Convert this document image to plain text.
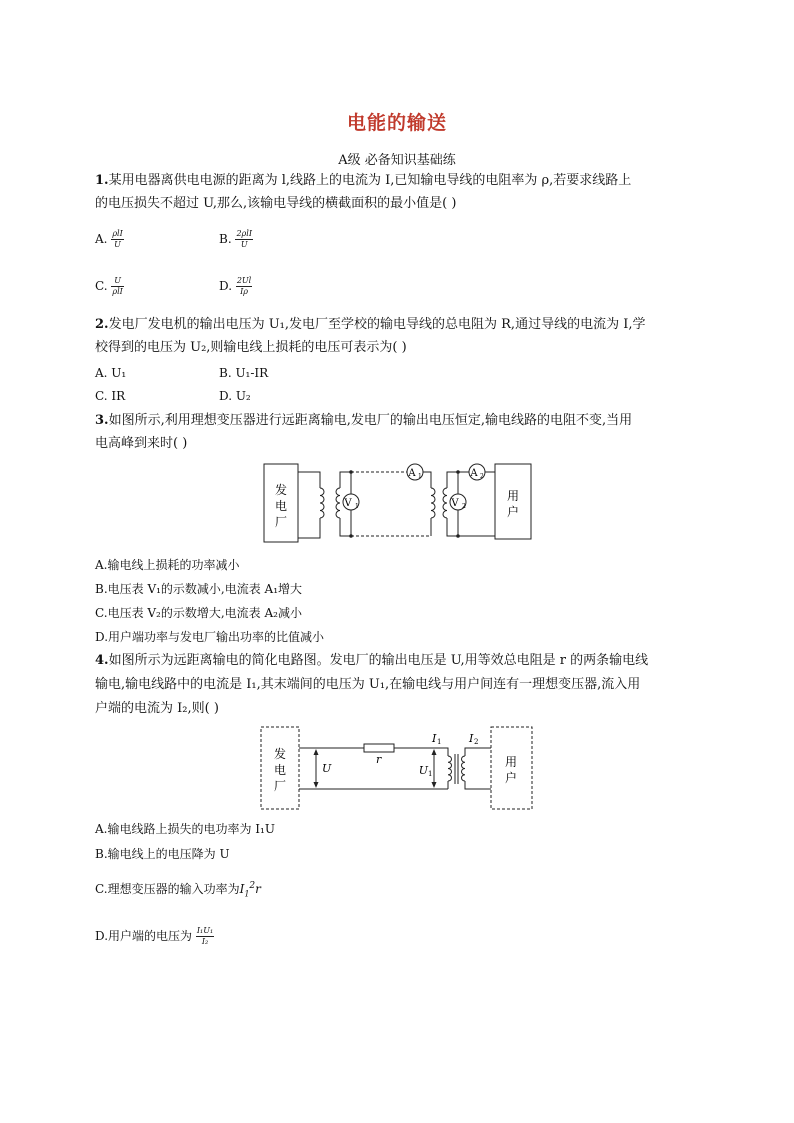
电能的输送
A级 必备知识基础练
1.某用电器离供电电源的距离为 l,线路上的电流为 I,已知输电导线的电阻率为 ρ,若要求线路上
的电压损失不超过 U,那么,该输电导线的横截面积的最小值是( )
A. $\frac{\text{ρlI}}{U}$	B. $\frac{\text{2ρlI}}{U}$
C. $\frac{U}{\text{ρlI}}$	D. $\frac{2Ul}{I\rho}$
2.发电厂发电机的输出电压为 U₁,发电厂至学校的输电导线的总电阻为 R,通过导线的电流为 I,学
校得到的电压为 U₂,则输电线上损耗的电压可表示为( )
A. U₁	B. U₁-IR
C. IR	D. U₂
3.如图所示,利用理想变压器进行远距离输电,发电厂的输出电压恒定,输电线路的电阻不变,当用
电高峰到来时( )
发
电
厂
用
户
V 1
A 1
V 2
A 2
A.输电线上损耗的功率减小
B.电压表 V₁的示数减小,电流表 A₁增大
C.电压表 V₂的示数增大,电流表 A₂减小
D.用户端功率与发电厂输出功率的比值减小
4.如图所示为远距离输电的简化电路图。发电厂的输出电压是 U,用等效总电阻是 r 的两条输电线
输电,输电线路中的电流是 I₁,其末端间的电压为 U₁,在输电线与用户间连有一理想变压器,流入用
户端的电流为 I₂,则( )
发
电
厂
用
户
U
r
I 1	I 2
U 1
A.输电线路上损失的电功率为 I₁U
B.输电线上的电压降为 U
C.理想变压器的输入功率为$I_1^2r$
D.用户端的电压为 $\frac{\text{I₁U₁}}{\text{I₂}}$
